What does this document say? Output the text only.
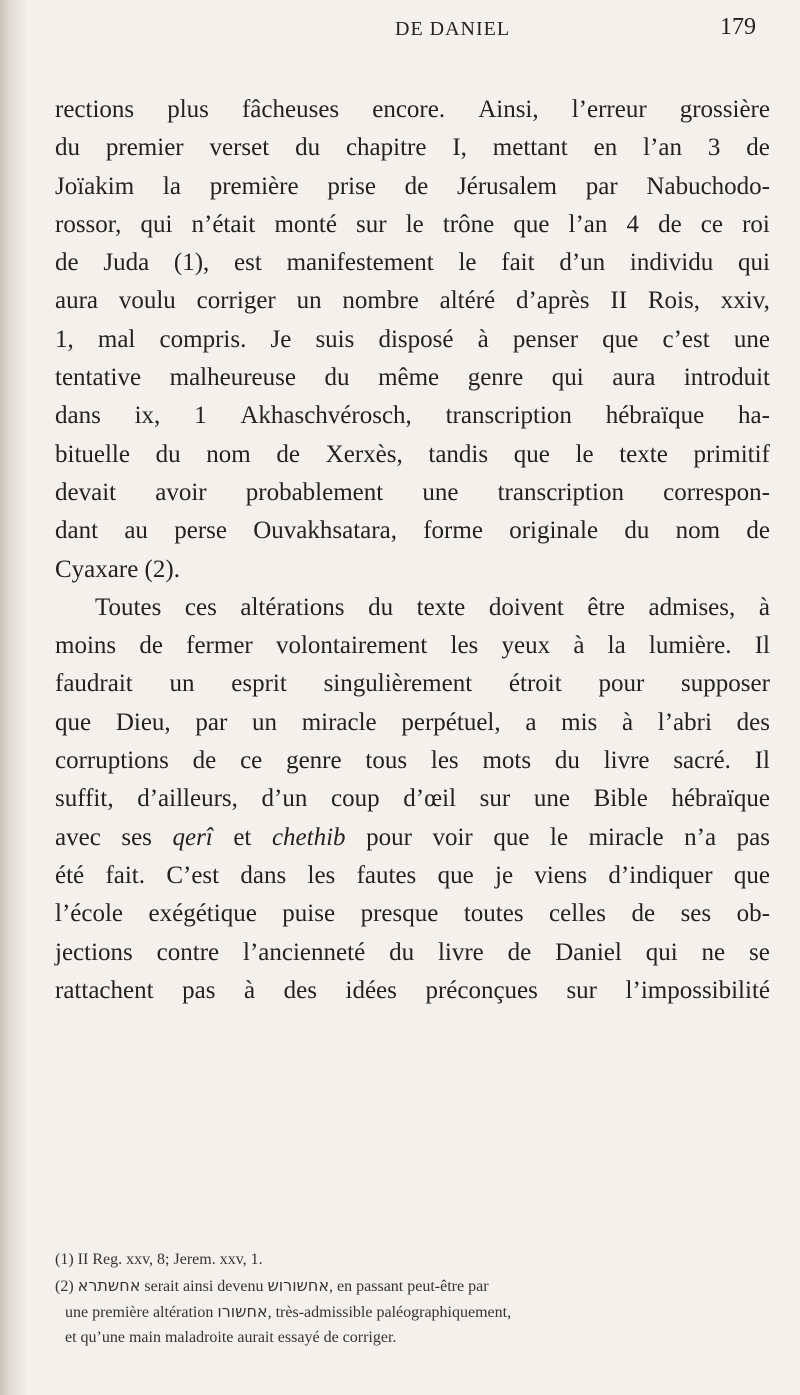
DE DANIEL	179
rections plus fâcheuses encore. Ainsi, l’erreur grossière
du premier verset du chapitre I, mettant en l’an 3 de
Joïakim la première prise de Jérusalem par Nabuchodo-
rossor, qui n’était monté sur le trône que l’an 4 de ce roi
de Juda (1), est manifestement le fait d’un individu qui
aura voulu corriger un nombre altéré d’après II Rois, xxiv,
1, mal compris. Je suis disposé à penser que c’est une
tentative malheureuse du même genre qui aura introduit
dans ix, 1 Akhaschvérosch, transcription hébraïque ha-
bituelle du nom de Xerxès, tandis que le texte primitif
devait avoir probablement une transcription correspon-
dant au perse Ouvakhsatara, forme originale du nom de
Cyaxare
(2).
Toutes ces altérations du texte doivent être admises, à
moins de fermer volontairement les yeux à la lumière. Il
faudrait un esprit singulièrement étroit pour supposer
que Dieu, par un miracle perpétuel, a mis à l’abri des
corruptions de ce genre tous les mots du livre sacré. Il
suffit, d’ailleurs, d’un coup d’œil sur une Bible hébraïque
avec ses qerî et chethib pour voir que le miracle n’a pas
été fait. C’est dans les fautes que je viens d’indiquer que
l’école exégétique puise presque toutes celles de ses ob-
jections contre l’ancienneté du livre de Daniel qui ne se
rattachent pas à des idées préconçues sur l’impossibilité
(1) II Reg. xxv, 8; Jerem. xxv, 1.
(2) אחשתרא serait ainsi devenu אחשורוש, en passant peut-être par
une première altération אחשורו, très-admissible paléographiquement,
et qu’une main maladroite aurait essayé de corriger.
